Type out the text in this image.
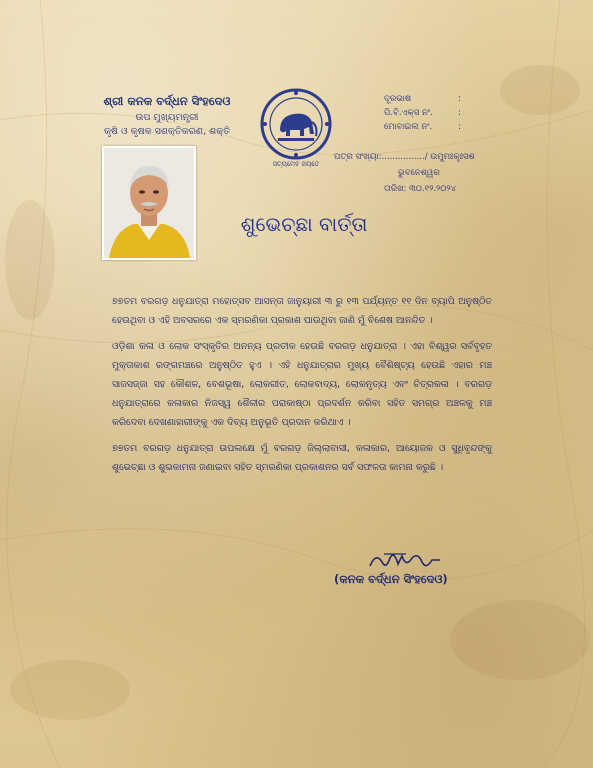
ଶ୍ରୀ କନକ ବର୍ଦ୍ଧନ ସିଂହଦେଓ
ଉପ ମୁଖ୍ୟମନ୍ତ୍ରୀ
କୃଷି ଓ କୃଷକ ସଶକ୍ତିକରଣ, ଶକ୍ତି
ସତ୍ୟମେବ ଜୟତେ
ଦୂରଭାଷ	:
ପି.ବି.ଏକ୍ସ ନଂ.	:
ମୋବାଇଲ ନଂ.	:
ପତ୍ର ସଂଖ୍ୟା:................/ ଉମୁମଃକୃଃସଶ
ଭୁବନେଶ୍ୱର
ତାରିଖ: ୩୦.୧୨.୨୦୨୪
ଶୁଭେଚ୍ଛା ବାର୍ତ୍ତା

୭୭ତମ ବରଗଡ଼ ଧନୁଯାତ୍ରା ମହୋତ୍ସବ ଆସନ୍ତା ଜାନୁୟାରୀ ୩ ରୁ ୧୩ ପର୍ଯ୍ୟନ୍ତ ୧୧ ଦିନ ବ୍ୟାପି ଅନୁଷ୍ଠିତ ହେଉଥିବା ଓ ଏହି ଅବସରରେ ଏକ ସ୍ମରଣିକା ପ୍ରକାଶ ପାଉଥିବା ଜାଣି ମୁଁ ବିଶେଷ ଆନନ୍ଦିତ ।

ଓଡ଼ିଶା କଳା ଓ ଲୋକ ସଂସ୍କୃତିର ଅନନ୍ୟ ପ୍ରତୀକ ହେଉଛି ବରଗଡ଼ ଧନୁଯାତ୍ରା । ଏହା ବିଶ୍ୱର ସର୍ବବୃହତ ମୁକ୍ତାକାଶ ରଙ୍ଗମଞ୍ଚରେ ଅନୁଷ୍ଠିତ ହୁଏ । ଏହି ଧନୁଯାତ୍ରାର ମୁଖ୍ୟ ବୈଶିଷ୍ଟ୍ୟ ହେଉଛି ଏହାର ମଞ୍ଚ ସାଜସଜ୍ଜା ସହ କୌଶଳ, ବେଶଭୂଷା, ଲୋକଗୀତ, ଲୋକବାଦ୍ୟ, ଲୋକନୃତ୍ୟ ଏବଂ ଚିତ୍ରକଳା । ବରଗଡ଼ ଧନୁଯାତ୍ରାରେ କଳାକାର ନିଜସ୍ୱ ଶୈଳୀର ପରାକାଷ୍ଠା ପ୍ରଦର୍ଶନ କରିବା ସହିତ ସମଗ୍ର ଅଞ୍ଚଳକୁ ମଞ୍ଚ କରିଦେବା ଦେଖଣାହାରୀଙ୍କୁ ଏକ ଦିବ୍ୟ ଅନୁଭୂତି ପ୍ରଦାନ କରିଥାଏ ।

୭୭ତମ ବରଗଡ଼ ଧନୁଯାତ୍ରା ଉପଲକ୍ଷେ ମୁଁ ବରଗଡ଼ ଜିଲ୍ଲାବାସୀ, କଳାକାର, ଆୟୋଜକ ଓ ସୁଧିବୃନ୍ଦଙ୍କୁ ଶୁଭେଚ୍ଛା ଓ ଶୁଭକାମନା ଜଣାଇବା ସହିତ ସ୍ମରଣିକା ପ୍ରକାଶନର ସର୍ବ ସଫଳତା କାମନା କରୁଛି ।

(କନକ ବର୍ଦ୍ଧନ ସିଂହଦେଓ)
